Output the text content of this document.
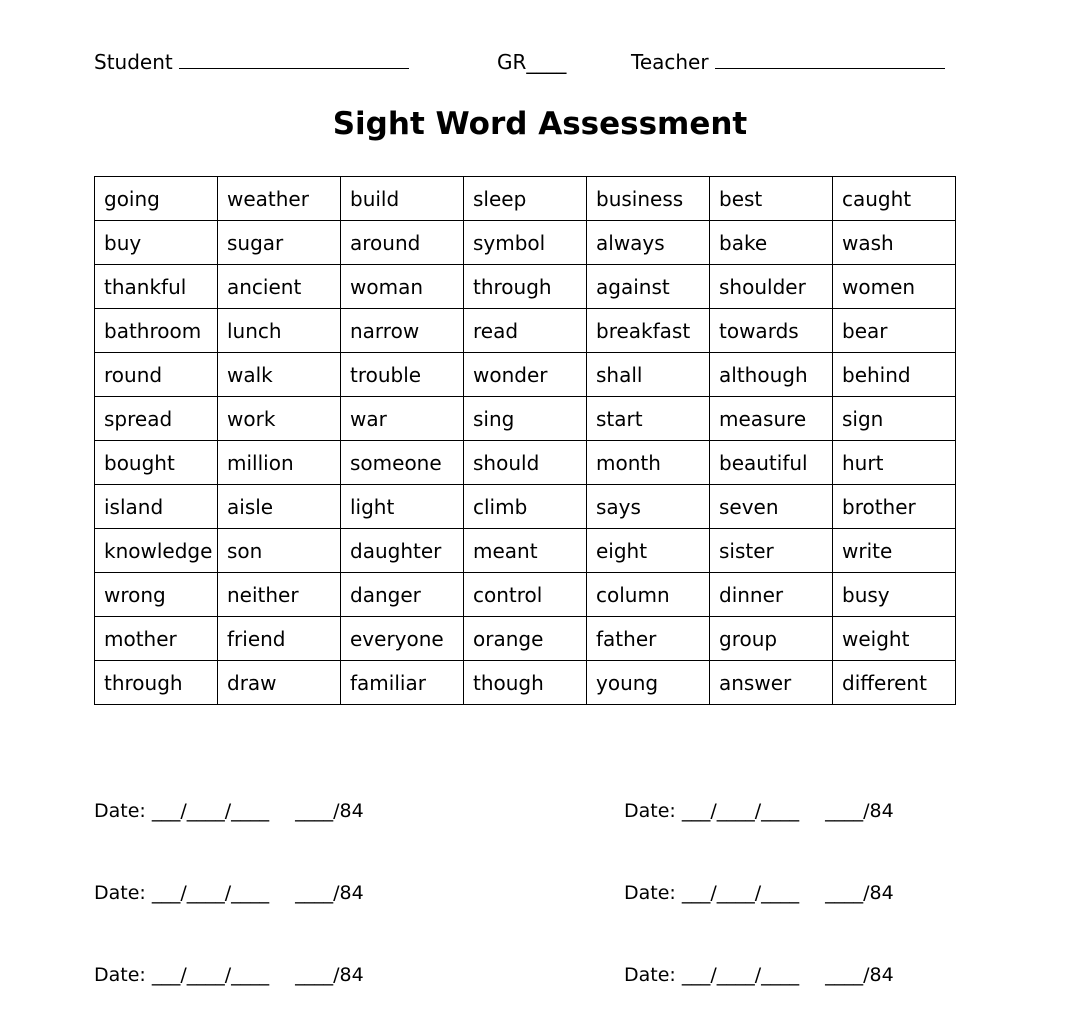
Student	GR____	Teacher
Sight Word Assessment
going	weather	build	sleep	business	best	caught
buy	sugar	around	symbol	always	bake	wash
thankful	ancient	woman	through	against	shoulder	women
bathroom	lunch	narrow	read	breakfast	towards	bear
round	walk	trouble	wonder	shall	although	behind
spread	work	war	sing	start	measure	sign
bought	million	someone	should	month	beautiful	hurt
island	aisle	light	climb	says	seven	brother
knowledge	son	daughter	meant	eight	sister	write
wrong	neither	danger	control	column	dinner	busy
mother	friend	everyone	orange	father	group	weight
through	draw	familiar	though	young	answer	different
Date: ___/____/____ ____/84	Date: ___/____/____ ____/84
Date: ___/____/____ ____/84	Date: ___/____/____ ____/84
Date: ___/____/____ ____/84	Date: ___/____/____ ____/84
